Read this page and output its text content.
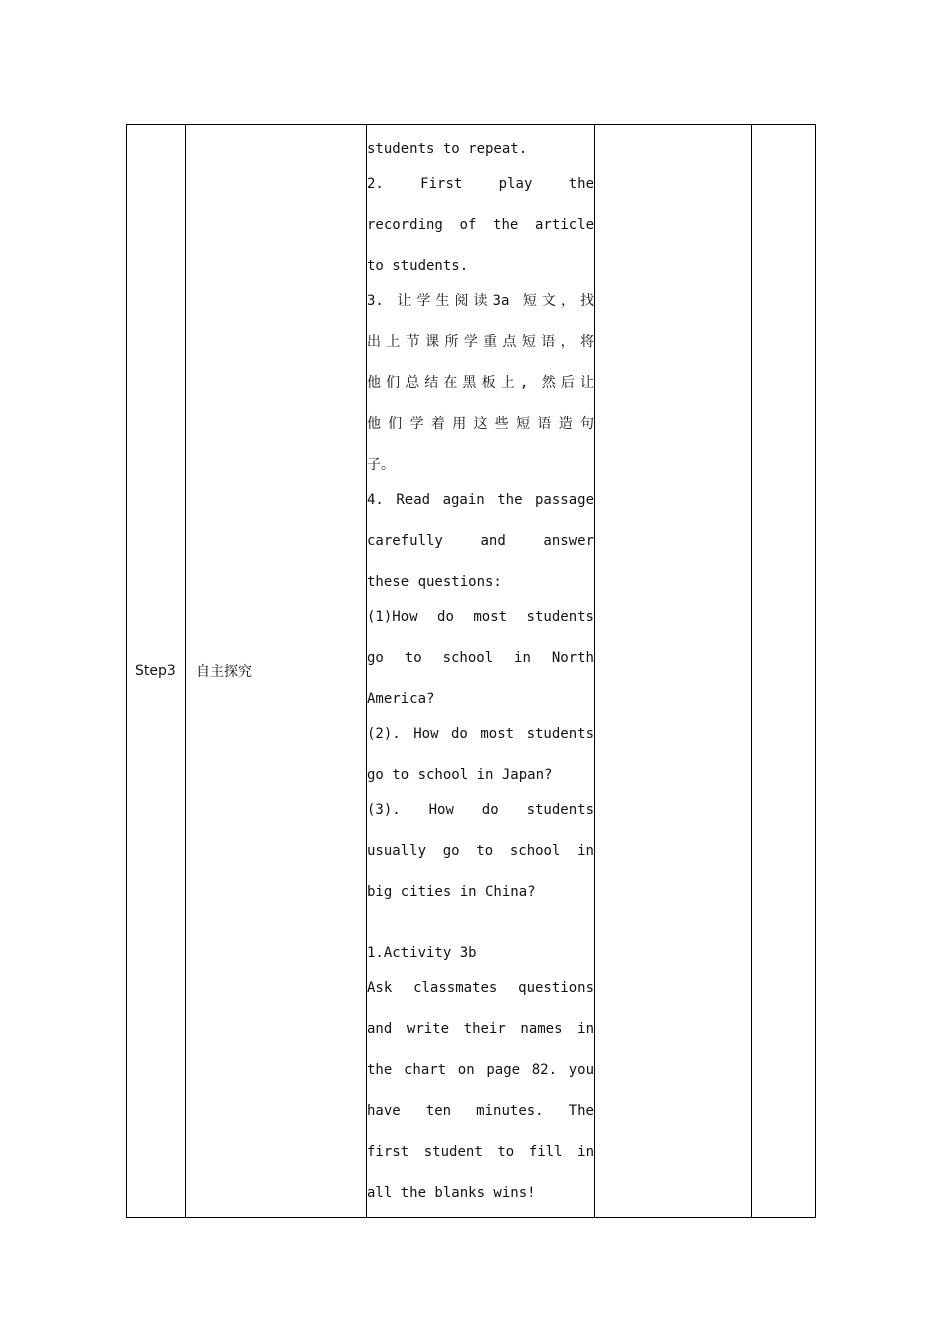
Step3	自主探究

students to repeat.

2. First play the

recording of the article

to students.

3. 让学生阅读3a 短文，找

出上节课所学重点短语，将

他们总结在黑板上, 然后让

他们学着用这些短语造句

子。

4. Read again the passage

carefully and answer

these questions:

(1)How do most students

go to school in North

America?

(2). How do most students

go to school in Japan?

(3). How do students

usually go to school in

big cities in China?

1.Activity 3b

Ask classmates questions

and write their names in

the chart on page 82. you

have ten minutes. The

first student to fill in

all the blanks wins!
